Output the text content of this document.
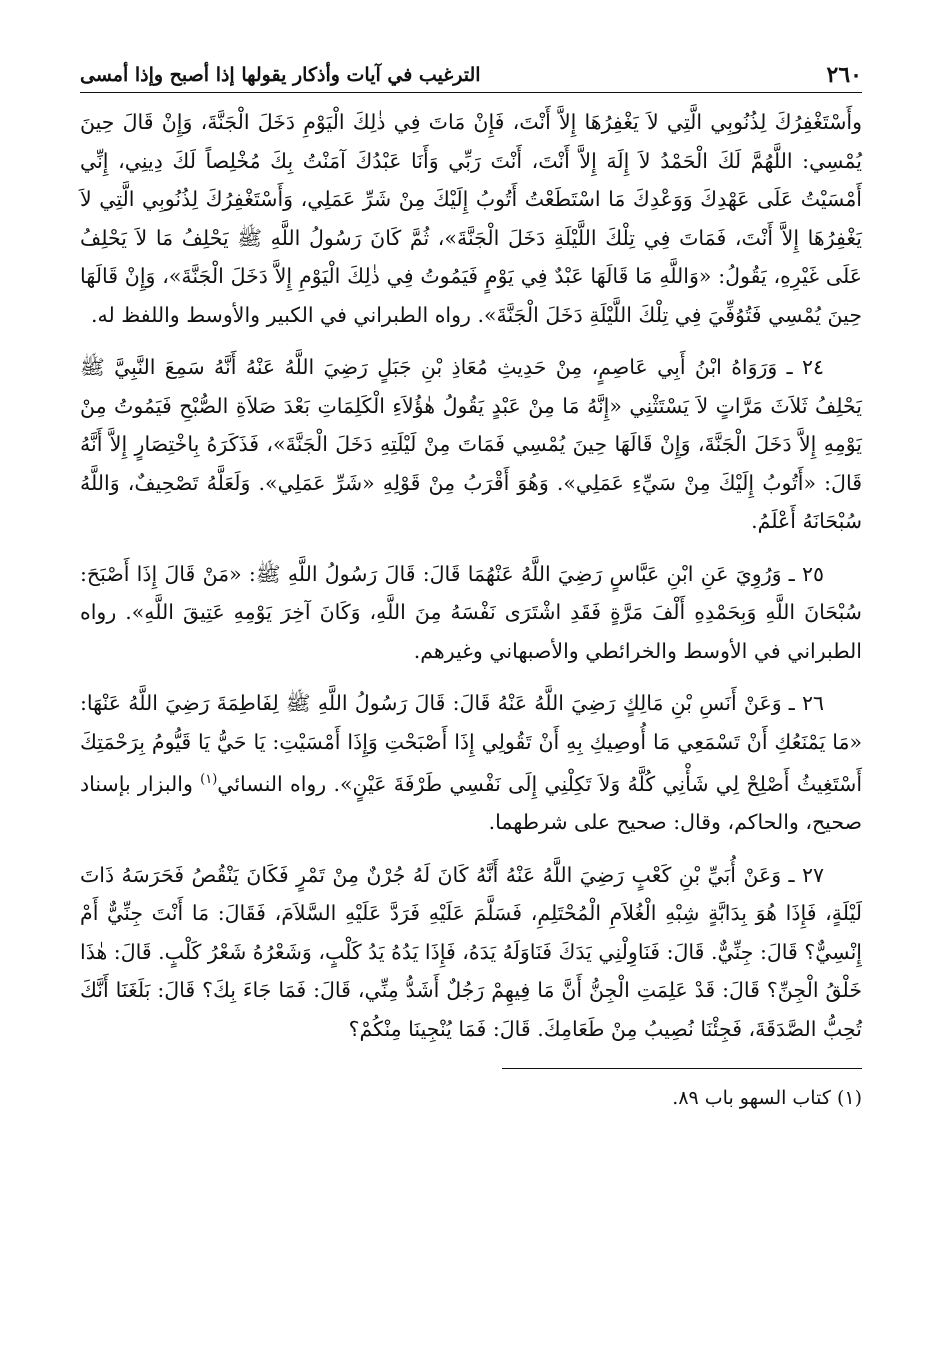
٢٦٠
الترغيب في آيات وأذكار يقولها إذا أصبح وإذا أمسى

وأَسْتَغْفِرُكَ لِذُنُوبِي الَّتِي لاَ يَغْفِرُهَا إِلاَّ أَنْتَ، فَإِنْ مَاتَ فِي ذٰلِكَ الْيَوْمِ دَخَلَ الْجَنَّةَ، وَإِنْ قَالَ حِينَ يُمْسِي: اللَّهُمَّ لَكَ الْحَمْدُ لاَ إِلَهَ إِلاَّ أَنْتَ، أَنْتَ رَبِّي وَأَنَا عَبْدُكَ آمَنْتُ بِكَ مُخْلِصاً لَكَ دِينِي، إِنِّي أَمْسَيْتُ عَلَى عَهْدِكَ وَوَعْدِكَ مَا اسْتَطَعْتُ أَتُوبُ إِلَيْكَ مِنْ شَرِّ عَمَلِي، وَأَسْتَغْفِرُكَ لِذُنُوبِي الَّتِي لاَ يَغْفِرُهَا إِلاَّ أَنْتَ، فَمَاتَ فِي تِلْكَ اللَّيْلَةِ دَخَلَ الْجَنَّةَ»، ثُمَّ كَانَ رَسُولُ اللَّهِ ﷺ يَحْلِفُ مَا لاَ يَحْلِفُ عَلَى غَيْرِهِ، يَقُولُ: «وَاللَّهِ مَا قَالَهَا عَبْدٌ فِي يَوْمٍ فَيَمُوتُ فِي ذٰلِكَ الْيَوْمِ إِلاَّ دَخَلَ الْجَنَّةَ»، وَإِنْ قَالَهَا حِينَ يُمْسِي فَتُوُفِّيَ فِي تِلْكَ اللَّيْلَةِ دَخَلَ الْجَنَّةَ». رواه الطبراني في الكبير والأوسط واللفظ له.

٢٤ ـ وَرَوَاهُ ابْنُ أَبِي عَاصِمٍ، مِنْ حَدِيثِ مُعَاذِ بْنِ جَبَلٍ رَضِيَ اللَّهُ عَنْهُ أَنَّهُ سَمِعَ النَّبِيَّ ﷺ يَحْلِفُ ثَلاَثَ مَرَّاتٍ لاَ يَسْتَثْنِي «إِنَّهُ مَا مِنْ عَبْدٍ يَقُولُ هٰؤُلاَءِ الْكَلِمَاتِ بَعْدَ صَلاَةِ الصُّبْحِ فَيَمُوتُ مِنْ يَوْمِهِ إِلاَّ دَخَلَ الْجَنَّةَ، وَإِنْ قَالَهَا حِينَ يُمْسِي فَمَاتَ مِنْ لَيْلَتِهِ دَخَلَ الْجَنَّةَ»، فَذَكَرَهُ بِاخْتِصَارٍ إِلاَّ أَنَّهُ قَالَ: «أَتُوبُ إِلَيْكَ مِنْ سَيِّءِ عَمَلِي». وَهُوَ أَقْرَبُ مِنْ قَوْلِهِ «شَرِّ عَمَلِي». وَلَعَلَّهُ تَصْحِيفٌ، وَاللَّهُ سُبْحَانَهُ أَعْلَمُ.

٢٥ ـ وَرُوِيَ عَنِ ابْنِ عَبَّاسٍ رَضِيَ اللَّهُ عَنْهُمَا قَالَ: قَالَ رَسُولُ اللَّهِ ﷺ: «مَنْ قَالَ إِذَا أَصْبَحَ: سُبْحَانَ اللَّهِ وَبِحَمْدِهِ أَلْفَ مَرَّةٍ فَقَدِ اشْتَرَى نَفْسَهُ مِنَ اللَّهِ، وَكَانَ آخِرَ يَوْمِهِ عَتِيقَ اللَّهِ». رواه الطبراني في الأوسط والخرائطي والأصبهاني وغيرهم.

٢٦ ـ وَعَنْ أَنَسِ بْنِ مَالِكٍ رَضِيَ اللَّهُ عَنْهُ قَالَ: قَالَ رَسُولُ اللَّهِ ﷺ لِفَاطِمَةَ رَضِيَ اللَّهُ عَنْهَا: «مَا يَمْنَعُكِ أَنْ تَسْمَعِي مَا أُوصِيكِ بِهِ أَنْ تَقُولِي إِذَا أَصْبَحْتِ وَإِذَا أَمْسَيْتِ: يَا حَيُّ يَا قَيُّومُ بِرَحْمَتِكَ أَسْتَغِيثُ أَصْلِحْ لِي شَأْنِي كُلَّهُ وَلاَ تَكِلْنِي إِلَى نَفْسِي طَرْفَةَ عَيْنٍ». رواه النسائي$^{(١)}$ والبزار بإسناد صحيح، والحاكم، وقال: صحيح على شرطهما.

٢٧ ـ وَعَنْ أُبَيِّ بْنِ كَعْبٍ رَضِيَ اللَّهُ عَنْهُ أَنَّهُ كَانَ لَهُ جُرْنٌ مِنْ تَمْرٍ فَكَانَ يَنْقُصُ فَحَرَسَهُ ذَاتَ لَيْلَةٍ، فَإِذَا هُوَ بِدَابَّةٍ شِبْهِ الْغُلاَمِ الْمُحْتَلِمِ، فَسَلَّمَ عَلَيْهِ فَرَدَّ عَلَيْهِ السَّلاَمَ، فَقَالَ: مَا أَنْتَ جِنِّيٌّ أَمْ إِنْسِيٌّ؟ قَالَ: جِنِّيٌّ. قَالَ: فَنَاوِلْنِي يَدَكَ فَنَاوَلَهُ يَدَهُ، فَإِذَا يَدُهُ يَدُ كَلْبٍ، وَشَعْرُهُ شَعْرُ كَلْبٍ. قَالَ: هٰذَا خَلْقُ الْجِنِّ؟ قَالَ: قَدْ عَلِمَتِ الْجِنُّ أَنَّ مَا فِيهِمْ رَجُلٌ أَشَدُّ مِنِّي، قَالَ: فَمَا جَاءَ بِكَ؟ قَالَ: بَلَغَنَا أَنَّكَ تُحِبُّ الصَّدَقَةَ، فَجِئْنَا نُصِيبُ مِنْ طَعَامِكَ. قَالَ: فَمَا يُنْجِينَا مِنْكُمْ؟

(١) كتاب السهو باب ٨٩.
